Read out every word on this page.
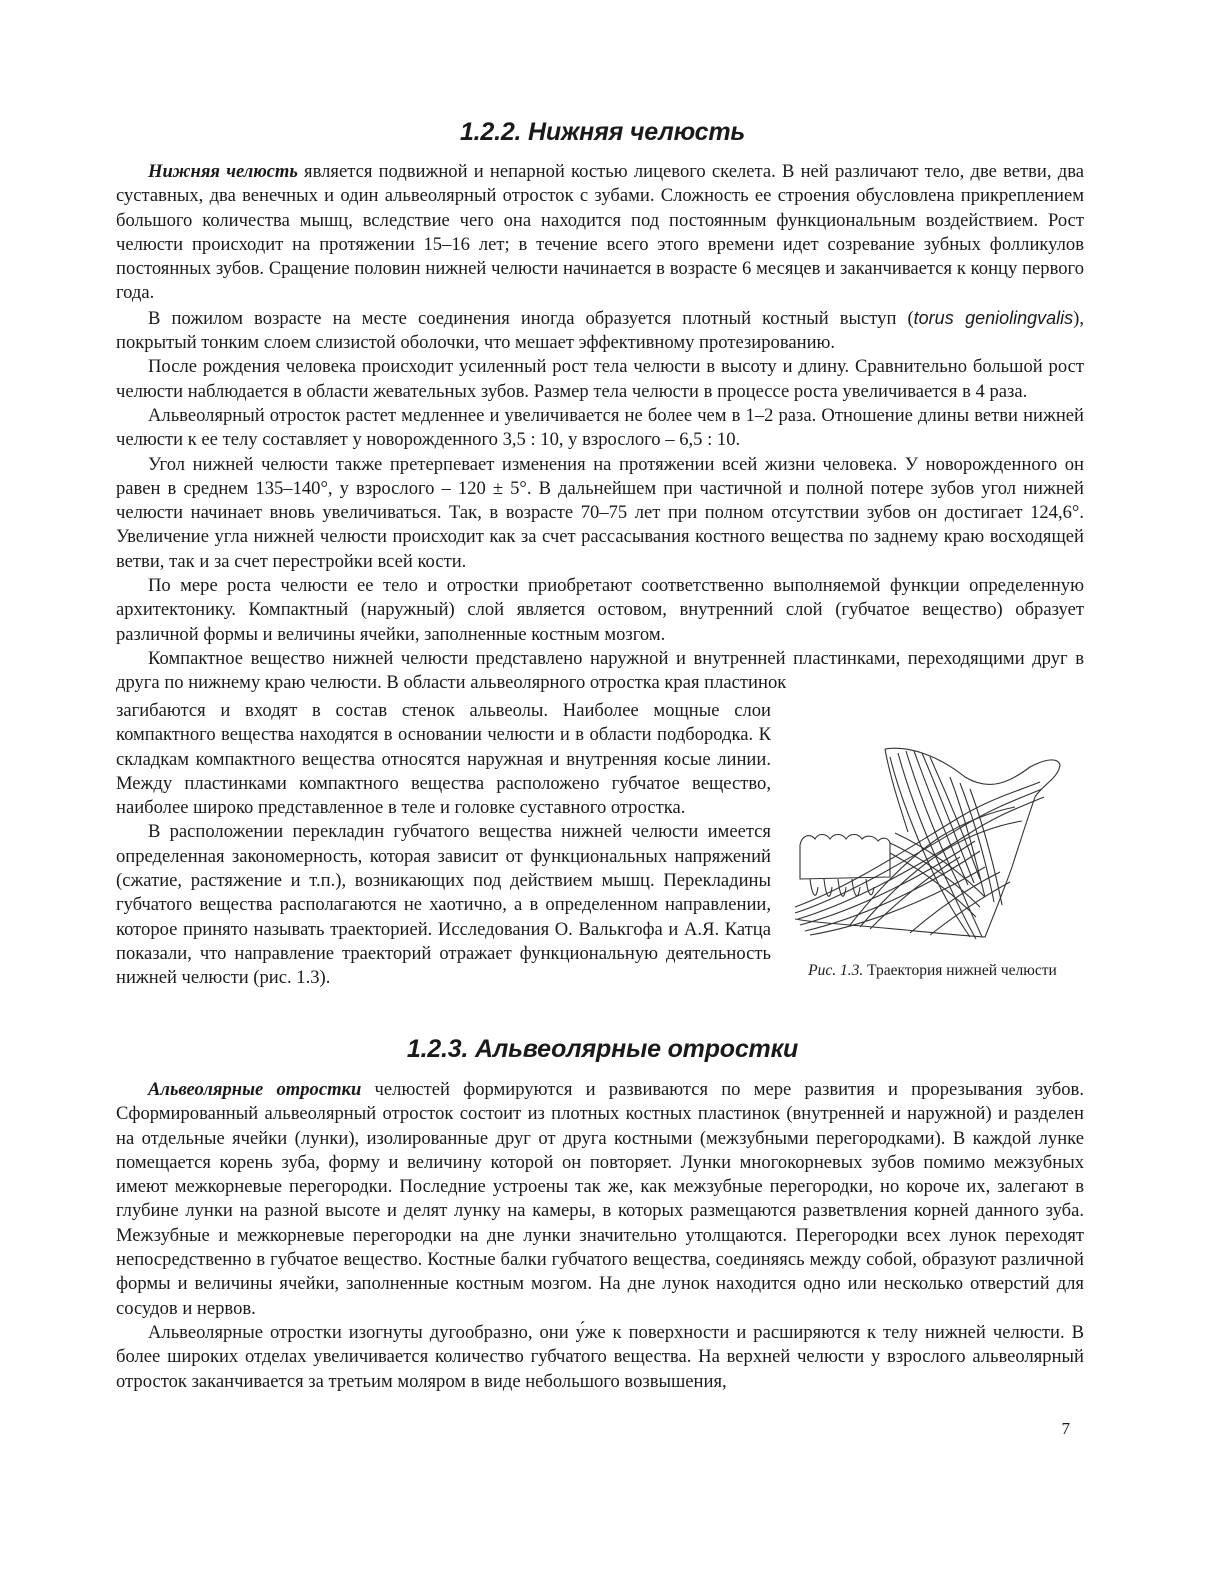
1.2.2. Нижняя челюсть

Нижняя челюсть является подвижной и непарной костью лицевого скелета. В ней различают тело, две ветви, два суставных, два венечных и один альвеолярный отросток с зубами. Сложность ее строения обусловлена прикреплением большого количества мышц, вследствие чего она находится под постоянным функциональным воздействием. Рост челюсти происходит на протяжении 15–16 лет; в течение всего этого времени идет созревание зубных фолликулов постоянных зубов. Сращение половин нижней челюсти начинается в возрасте 6 месяцев и заканчивается к концу первого года.

В пожилом возрасте на месте соединения иногда образуется плотный костный выступ (torus geniolingvalis), покрытый тонким слоем слизистой оболочки, что мешает эффективному протезированию.

После рождения человека происходит усиленный рост тела челюсти в высоту и длину. Сравнительно большой рост челюсти наблюдается в области жевательных зубов. Размер тела челюсти в процессе роста увеличивается в 4 раза.

Альвеолярный отросток растет медленнее и увеличивается не более чем в 1–2 раза. Отношение длины ветви нижней челюсти к ее телу составляет у новорожденного 3,5 : 10, у взрослого – 6,5 : 10.

Угол нижней челюсти также претерпевает изменения на протяжении всей жизни человека. У новорожденного он равен в среднем 135–140°, у взрослого – 120 ± 5°. В дальнейшем при частичной и полной потере зубов угол нижней челюсти начинает вновь увеличиваться. Так, в возрасте 70–75 лет при полном отсутствии зубов он достигает 124,6°. Увеличение угла нижней челюсти происходит как за счет рассасывания костного вещества по заднему краю восходящей ветви, так и за счет перестройки всей кости.

По мере роста челюсти ее тело и отростки приобретают соответственно выполняемой функции определенную архитектонику. Компактный (наружный) слой является остовом, внутренний слой (губчатое вещество) образует различной формы и величины ячейки, заполненные костным мозгом.

Компактное вещество нижней челюсти представлено наружной и внутренней пластинками, переходящими друг в друга по нижнему краю челюсти. В области альвеолярного отростка края пластинок

загибаются и входят в состав стенок альвеолы. Наиболее мощные слои компактного вещества находятся в основании челюсти и в области подбородка. К складкам компактного вещества относятся наружная и внутренняя косые линии. Между пластинками компактного вещества расположено губчатое вещество, наиболее широко представленное в теле и головке суставного отростка.

В расположении перекладин губчатого вещества нижней челюсти имеется определенная закономерность, которая зависит от функциональных напряжений (сжатие, растяжение и т.п.), возникающих под действием мышц. Перекладины губчатого вещества располагаются не хаотично, а в определенном направлении, которое принято называть траекторией. Исследования О. Валькгофа и А.Я. Катца показали, что направление траекторий отражает функциональную деятельность нижней челюсти (рис. 1.3).	Рис. 1.3. Траектория нижней челюсти
1.2.3. Альвеолярные отростки

Альвеолярные отростки челюстей формируются и развиваются по мере развития и прорезывания зубов. Сформированный альвеолярный отросток состоит из плотных костных пластинок (внутренней и наружной) и разделен на отдельные ячейки (лунки), изолированные друг от друга костными (межзубными перегородками). В каждой лунке помещается корень зуба, форму и величину которой он повторяет. Лунки многокорневых зубов помимо межзубных имеют межкорневые перегородки. Последние устроены так же, как межзубные перегородки, но короче их, залегают в глубине лунки на разной высоте и делят лунку на камеры, в которых размещаются разветвления корней данного зуба. Межзубные и межкорневые перегородки на дне лунки значительно утолщаются. Перегородки всех лунок переходят непосредственно в губчатое вещество. Костные балки губчатого вещества, соединяясь между собой, образуют различной формы и величины ячейки, заполненные костным мозгом. На дне лунок находится одно или несколько отверстий для сосудов и нервов.

Альвеолярные отростки изогнуты дугообразно, они у́же к поверхности и расширяются к телу нижней челюсти. В более широких отделах увеличивается количество губчатого вещества. На верхней челюсти у взрослого альвеолярный отросток заканчивается за третьим моляром в виде небольшого возвышения,

7
